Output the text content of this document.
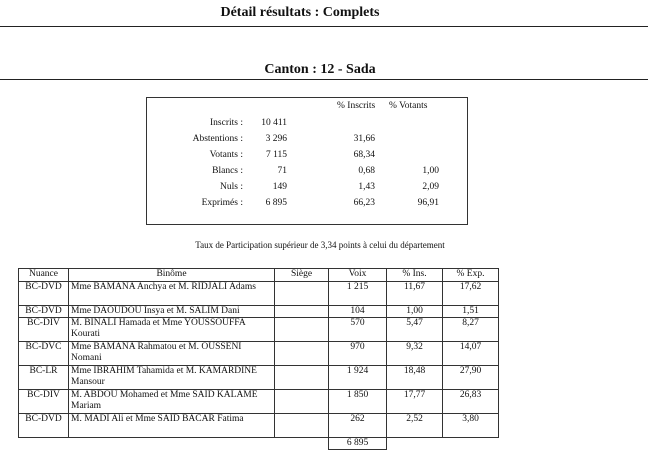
Détail résultats : Complets
Canton : 12 - Sada
% Inscrits % Votants
Inscrits : 10 411
Abstentions : 3 296	31,66
Votants : 7 115	68,34
Blancs :	71	0,68	1,00
Nuls :	149	1,43	2,09
Exprimés : 6 895	66,23	96,91
Taux de Participation supérieur de 3,34 points à celui du département
Nuance	Binôme	Siège	Voix	% Ins.	% Exp.
BC-DVD	Mme BAMANA Anchya et M. RIDJALI Adams		1 215	11,67	17,62
BC-DVD	Mme DAOUDOU Insya et M. SALIM Dani		104	1,00	1,51
BC-DIV	M. BINALI Hamada et Mme YOUSSOUFFA Kourati		570	5,47	8,27
BC-DVC	Mme BAMANA Rahmatou et M. OUSSENI Nomani		970	9,32	14,07
BC-LR	Mme IBRAHIM Tahamida et M. KAMARDINE Mansour		1 924	18,48	27,90
BC-DIV	M. ABDOU Mohamed et Mme SAID KALAME Mariam		1 850	17,77	26,83
BC-DVD	M. MADI Ali et Mme SAÏD BACAR Fatima		262	2,52	3,80
			6 895		
